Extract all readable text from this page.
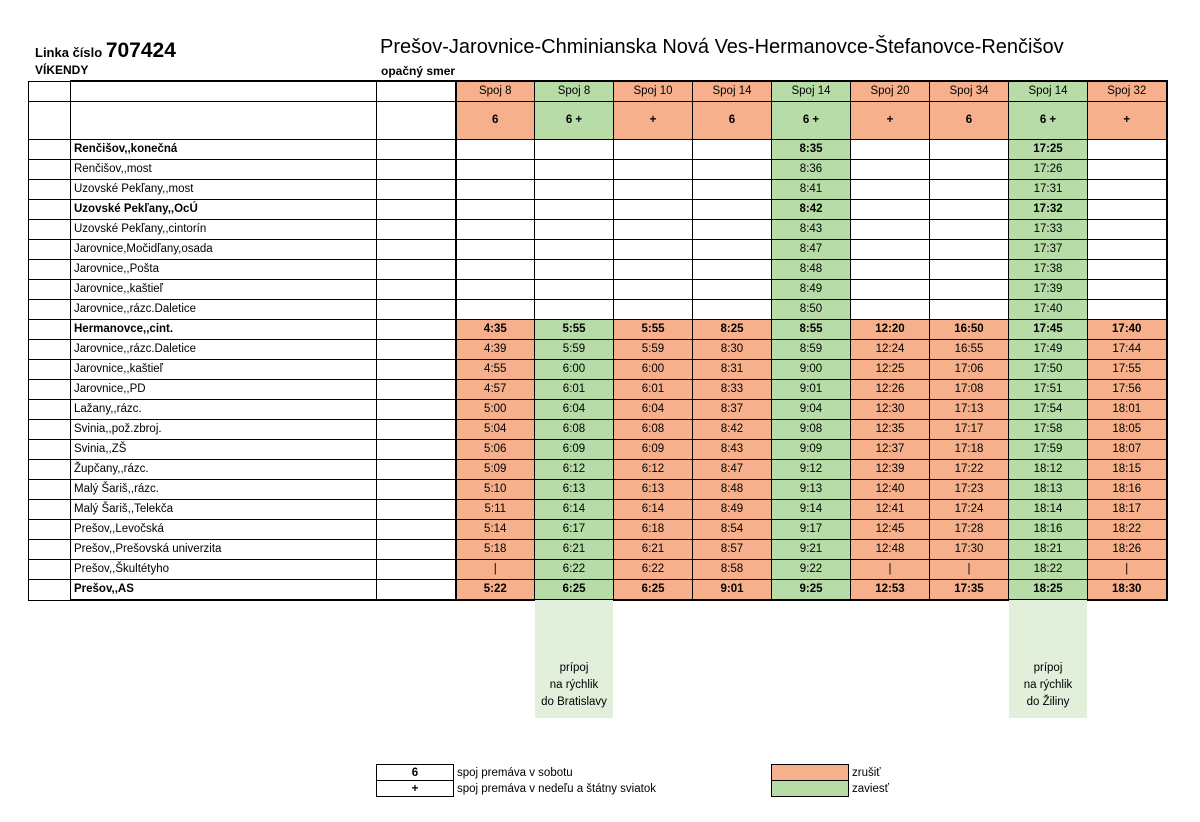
Linka číslo 707424	Prešov-Jarovnice-Chminianska Nová Ves-Hermanovce-Štefanovce-Renčišov
VÍKENDY	opačný smer
			Spoj 8	Spoj 8	Spoj 10	Spoj 14	Spoj 14	Spoj 20	Spoj 34	Spoj 14	Spoj 32
			6	6 +	+	6	6 +	+	6	6 +	+
	Renčišov,,konečná						8:35			17:25	
	Renčišov,,most						8:36			17:26	
	Uzovské Pekľany,,most						8:41			17:31	
	Uzovské Pekľany,,OcÚ						8:42			17:32	
	Uzovské Pekľany,,cintorín						8:43			17:33	
	Jarovnice,Močidľany,osada						8:47			17:37	
	Jarovnice,,Pošta						8:48			17:38	
	Jarovnice,,kaštieľ						8:49			17:39	
	Jarovnice,,rázc.Daletice						8:50			17:40	
	Hermanovce,,cint.		4:35	5:55	5:55	8:25	8:55	12:20	16:50	17:45	17:40
	Jarovnice,,rázc.Daletice		4:39	5:59	5:59	8:30	8:59	12:24	16:55	17:49	17:44
	Jarovnice,,kaštieľ		4:55	6:00	6:00	8:31	9:00	12:25	17:06	17:50	17:55
	Jarovnice,,PD		4:57	6:01	6:01	8:33	9:01	12:26	17:08	17:51	17:56
	Lažany,,rázc.		5:00	6:04	6:04	8:37	9:04	12:30	17:13	17:54	18:01
	Svinia,,pož.zbroj.		5:04	6:08	6:08	8:42	9:08	12:35	17:17	17:58	18:05
	Svinia,,ZŠ		5:06	6:09	6:09	8:43	9:09	12:37	17:18	17:59	18:07
	Župčany,,rázc.		5:09	6:12	6:12	8:47	9:12	12:39	17:22	18:12	18:15
	Malý Šariš,,rázc.		5:10	6:13	6:13	8:48	9:13	12:40	17:23	18:13	18:16
	Malý Šariš,,Telekča		5:11	6:14	6:14	8:49	9:14	12:41	17:24	18:14	18:17
	Prešov,,Levočská		5:14	6:17	6:18	8:54	9:17	12:45	17:28	18:16	18:22
	Prešov,,Prešovská univerzita		5:18	6:21	6:21	8:57	9:21	12:48	17:30	18:21	18:26
	Prešov,,Škultétyho		|	6:22	6:22	8:58	9:22	|	|	18:22	|
	Prešov,,AS		5:22	6:25	6:25	9:01	9:25	12:53	17:35	18:25	18:30
prípoj
na rýchlik
do Bratislavy
prípoj
na rýchlik
do Žiliny
6	spoj premáva v sobotu
+	spoj premáva v nedeľu a štátny sviatok
	zrušiť
	zaviesť
